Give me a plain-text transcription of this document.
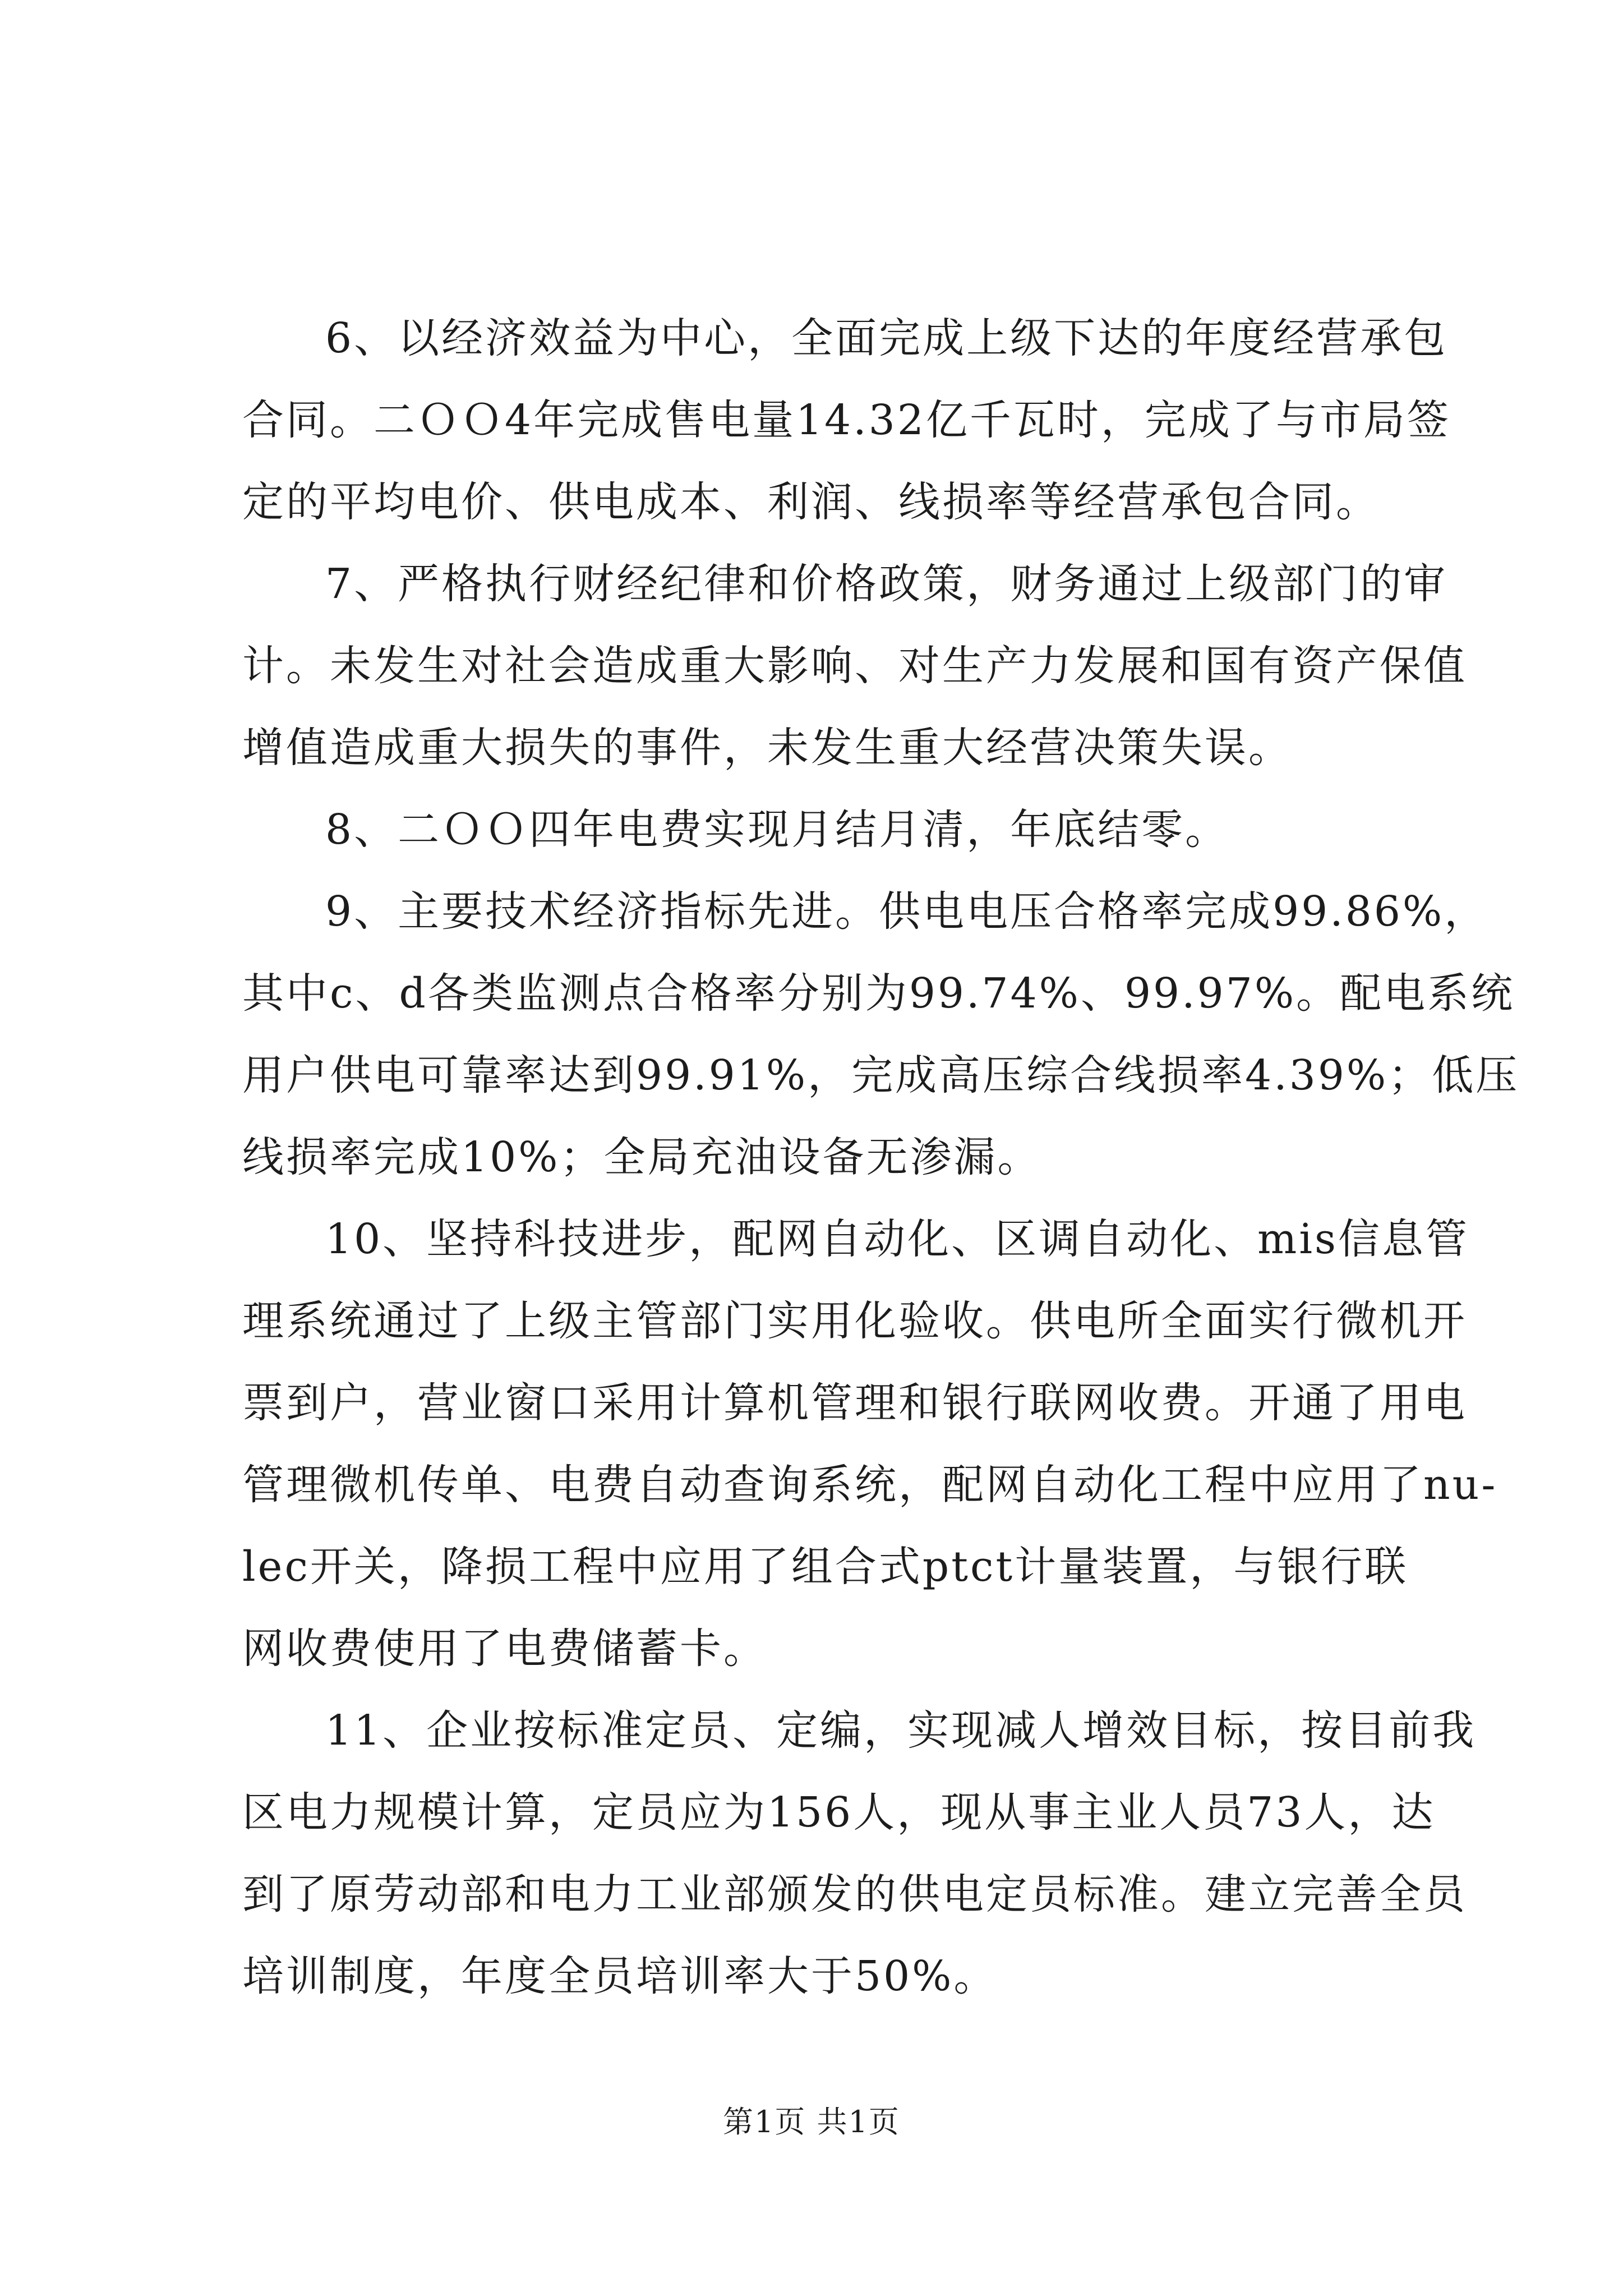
6、以经济效益为中心，全面完成上级下达的年度经营承包
合同。二ＯＯ4年完成售电量14.32亿千瓦时，完成了与市局签
定的平均电价、供电成本、利润、线损率等经营承包合同。
7、严格执行财经纪律和价格政策，财务通过上级部门的审
计。未发生对社会造成重大影响、对生产力发展和国有资产保值
增值造成重大损失的事件，未发生重大经营决策失误。
8、二ＯＯ四年电费实现月结月清，年底结零。
9、主要技术经济指标先进。供电电压合格率完成99.86%，
其中c、d各类监测点合格率分别为99.74%、99.97%。配电系统
用户供电可靠率达到99.91%，完成高压综合线损率4.39%；低压
线损率完成10%；全局充油设备无渗漏。
10、坚持科技进步，配网自动化、区调自动化、mis信息管
理系统通过了上级主管部门实用化验收。供电所全面实行微机开
票到户，营业窗口采用计算机管理和银行联网收费。开通了用电
管理微机传单、电费自动查询系统，配网自动化工程中应用了nu-
lec开关，降损工程中应用了组合式ptct计量装置，与银行联
网收费使用了电费储蓄卡。
11、企业按标准定员、定编，实现减人增效目标，按目前我
区电力规模计算，定员应为156人，现从事主业人员73人，达
到了原劳动部和电力工业部颁发的供电定员标准。建立完善全员
培训制度，年度全员培训率大于50%。
第1页 共1页
